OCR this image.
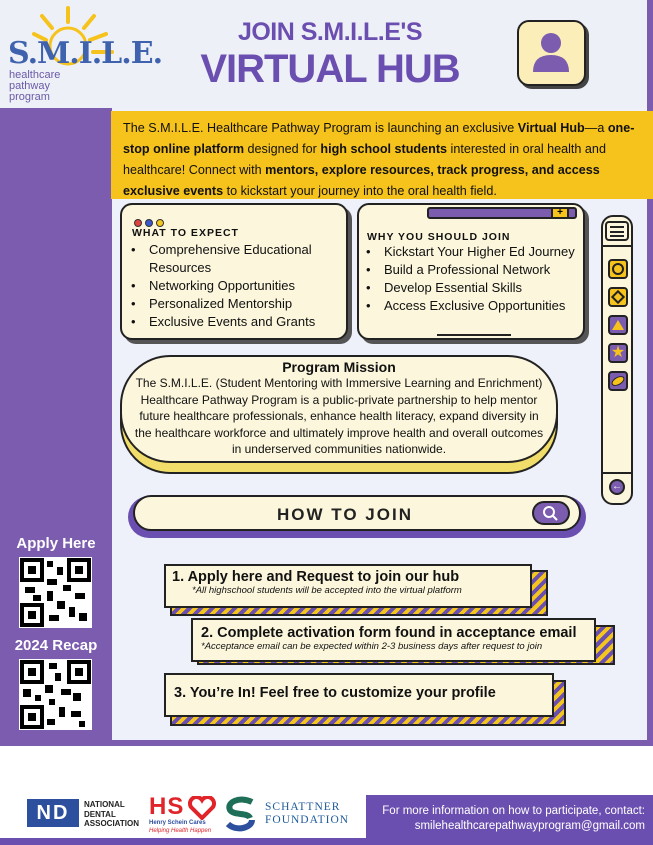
S.M.I.L.E.
healthcare
pathway
program
JOIN S.M.I.L.E'S
VIRTUAL HUB
The S.M.I.L.E. Healthcare Pathway Program is launching an exclusive Virtual Hub—a one-stop online platform designed for high school students interested in oral health and healthcare! Connect with mentors, explore resources, track progress, and access exclusive events to kickstart your journey into the oral health field.
WHAT TO EXPECT
• Comprehensive Educational Resources
• Networking Opportunities
• Personalized Mentorship
• Exclusive Events and Grants
+
WHY YOU SHOULD JOIN
• Kickstart Your Higher Ed Journey
• Build a Professional Network
• Develop Essential Skills
• Access Exclusive Opportunities
★
←
Program Mission

The S.M.I.L.E. (Student Mentoring with Immersive Learning and Enrichment) Healthcare Pathway Program is a public-private partnership to help mentor future healthcare professionals, enhance health literacy, expand diversity in the healthcare workforce and ultimately improve health and overall outcomes in underserved communities nationwide.

HOW TO JOIN
1. Apply here and Request to join our hub
*All highschool students will be accepted into the virtual platform
2. Complete activation form found in acceptance email
*Acceptance email can be expected within 2-3 business days after request to join
3. You’re In! Feel free to customize your profile
Apply Here
2024 Recap
ND	NATIONAL
DENTAL
ASSOCIATION
HS
Henry Schein Cares
Helping Health Happen
SCHATTNER
FOUNDATION
For more information on how to participate, contact:
smilehealthcarepathwayprogram@gmail.com
